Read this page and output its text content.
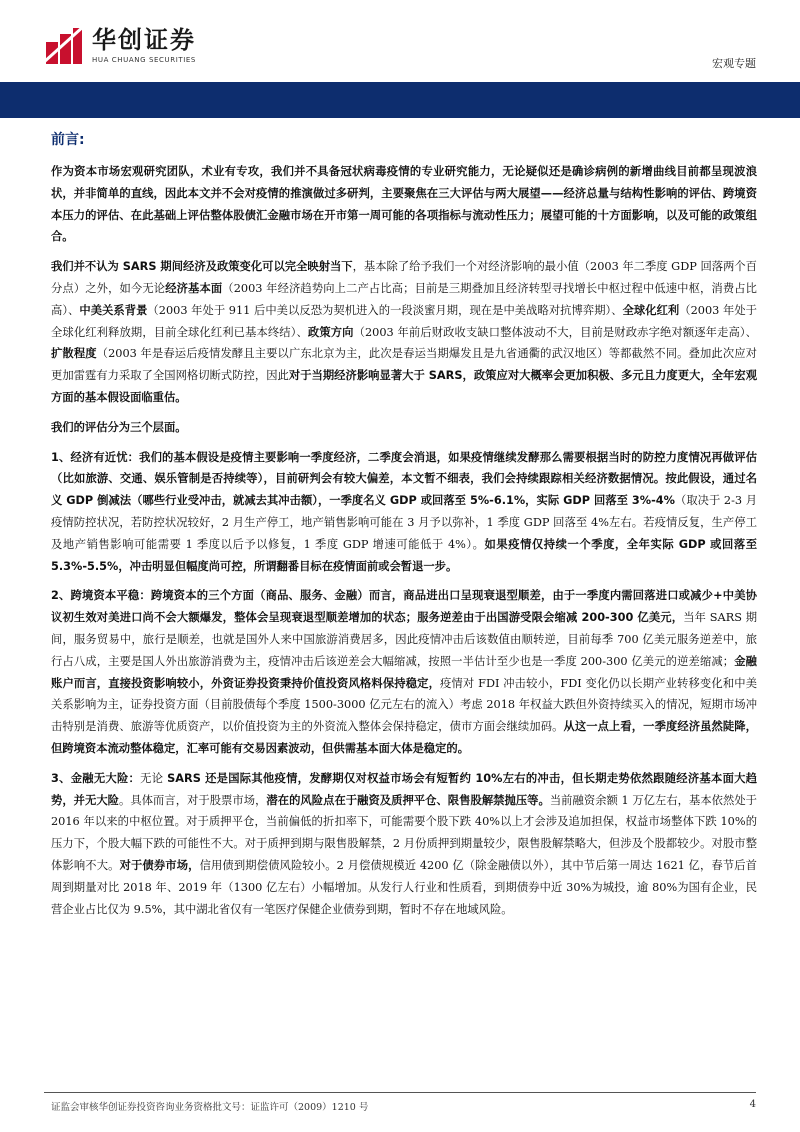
华创证券
HUA CHUANG SECURITIES	宏观专题
前言:

作为资本市场宏观研究团队，术业有专攻，我们并不具备冠状病毒疫情的专业研究能力，无论疑似还是确诊病例的新增曲线目前都呈现波浪状，并非简单的直线，因此本文并不会对疫情的推演做过多研判，主要聚焦在三大评估与两大展望——经济总量与结构性影响的评估、跨境资本压力的评估、在此基础上评估整体股债汇金融市场在开市第一周可能的各项指标与流动性压力；展望可能的十方面影响，以及可能的政策组合。

我们并不认为 SARS 期间经济及政策变化可以完全映射当下，基本除了给予我们一个对经济影响的最小值（2003 年二季度 GDP 回落两个百分点）之外，如今无论经济基本面（2003 年经济趋势向上二产占比高；目前是三期叠加且经济转型寻找增长中枢过程中低速中枢，消费占比高）、中美关系背景（2003 年处于 911 后中美以反恐为契机进入的一段淡蜜月期，现在是中美战略对抗博弈期）、全球化红利（2003 年处于全球化红利释放期，目前全球化红利已基本终结）、政策方向（2003 年前后财政收支缺口整体波动不大，目前是财政赤字绝对额逐年走高）、扩散程度（2003 年是春运后疫情发酵且主要以广东北京为主，此次是春运当期爆发且是九省通衢的武汉地区）等都截然不同。叠加此次应对更加雷霆有力采取了全国网格切断式防控，因此对于当期经济影响显著大于 SARS，政策应对大概率会更加积极、多元且力度更大，全年宏观方面的基本假设面临重估。

我们的评估分为三个层面。

1、经济有近忧：我们的基本假设是疫情主要影响一季度经济，二季度会消退，如果疫情继续发酵那么需要根据当时的防控力度情况再做评估（比如旅游、交通、娱乐管制是否持续等），目前研判会有较大偏差，本文暂不细表，我们会持续跟踪相关经济数据情况。按此假设，通过名义 GDP 倒减法（哪些行业受冲击，就减去其冲击额），一季度名义 GDP 或回落至 5%-6.1%，实际 GDP 回落至 3%-4%（取决于 2-3 月疫情防控状况，若防控状况较好，2 月生产停工，地产销售影响可能在 3 月予以弥补，1 季度 GDP 回落至 4%左右。若疫情反复，生产停工及地产销售影响可能需要 1 季度以后予以修复，1 季度 GDP 增速可能低于 4%）。如果疫情仅持续一个季度，全年实际 GDP 或回落至 5.3%-5.5%，冲击明显但幅度尚可控，所谓翻番目标在疫情面前或会暂退一步。

2、跨境资本平稳：跨境资本的三个方面（商品、服务、金融）而言，商品进出口呈现衰退型顺差，由于一季度内需回落进口或减少+中美协议初生效对美进口尚不会大额爆发，整体会呈现衰退型顺差增加的状态；服务逆差由于出国游受限会缩减 200-300 亿美元，当年 SARS 期间，服务贸易中，旅行是顺差，也就是国外人来中国旅游消费居多，因此疫情冲击后该数值由顺转逆，目前每季 700 亿美元服务逆差中，旅行占八成，主要是国人外出旅游消费为主，疫情冲击后该逆差会大幅缩减，按照一半估计至少也是一季度 200-300 亿美元的逆差缩减；金融账户而言，直接投资影响较小，外资证券投资秉持价值投资风格料保持稳定，疫情对 FDI 冲击较小，FDI 变化仍以长期产业转移变化和中美关系影响为主，证券投资方面（目前股债每个季度 1500-3000 亿元左右的流入）考虑 2018 年权益大跌但外资持续买入的情况，短期市场冲击特别是消费、旅游等优质资产，以价值投资为主的外资流入整体会保持稳定，债市方面会继续加码。从这一点上看，一季度经济虽然陡降，但跨境资本流动整体稳定，汇率可能有交易因素波动，但供需基本面大体是稳定的。

3、金融无大险：无论 SARS 还是国际其他疫情，发酵期仅对权益市场会有短暂约 10%左右的冲击，但长期走势依然跟随经济基本面大趋势，并无大险。具体而言，对于股票市场，潜在的风险点在于融资及质押平仓、限售股解禁抛压等。当前融资余额 1 万亿左右，基本依然处于 2016 年以来的中枢位置。对于质押平仓，当前偏低的折扣率下，可能需要个股下跌 40%以上才会涉及追加担保，权益市场整体下跌 10%的压力下，个股大幅下跌的可能性不大。对于质押到期与限售股解禁，2 月份质押到期量较少，限售股解禁略大，但涉及个股都较少。对股市整体影响不大。对于债券市场，信用债到期偿债风险较小。2 月偿债规模近 4200 亿（除金融债以外），其中节后第一周达 1621 亿，春节后首周到期量对比 2018 年、2019 年（1300 亿左右）小幅增加。从发行人行业和性质看，到期债券中近 30%为城投，逾 80%为国有企业，民营企业占比仅为 9.5%，其中湖北省仅有一笔医疗保健企业债券到期，暂时不存在地域风险。

证监会审核华创证券投资咨询业务资格批文号：证监许可（2009）1210 号	4
